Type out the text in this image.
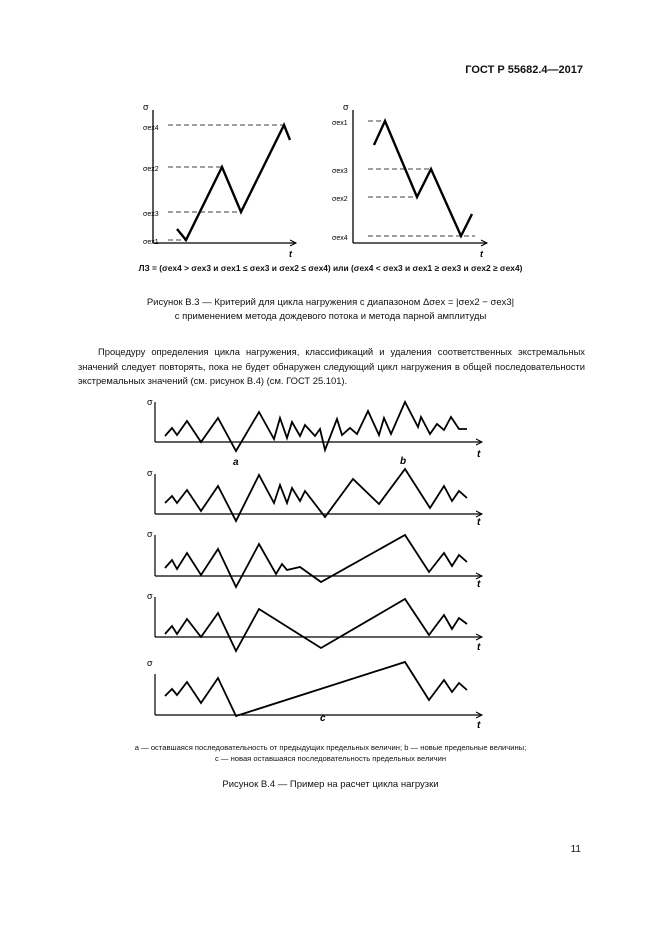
ГОСТ Р 55682.4—2017
σ
t
σex4
σex2
σex3
σex1
σ
t
σex1
σex3
σex2
σex4
ЛЗ = (σex4 > σex3 и σex1 ≤ σex3 и σex2 ≤ σex4) или (σex4 < σex3 и σex1 ≥ σex3 и σex2 ≥ σex4)
Рисунок В.3 — Критерий для цикла нагружения с диапазоном Δσex = |σex2 − σex3|
с применением метода дождевого потока и метода парной амплитуды
Процедуру определения цикла нагружения, классификаций и удаления соответственных экстремальных значений следует повторять, пока не будет обнаружен следующий цикл нагружения в общей последовательности экстремальных значений (см. рисунок В.4) (см. ГОСТ 25.101).
σ
σ
σ
σ
σ
t
t
t
t
t
a	b
c
a — оставшаяся последовательность от предыдущих предельных величин; b — новые предельные величины;
c — новая оставшаяся последовательность предельных величин
Рисунок В.4 — Пример на расчет цикла нагрузки
11
